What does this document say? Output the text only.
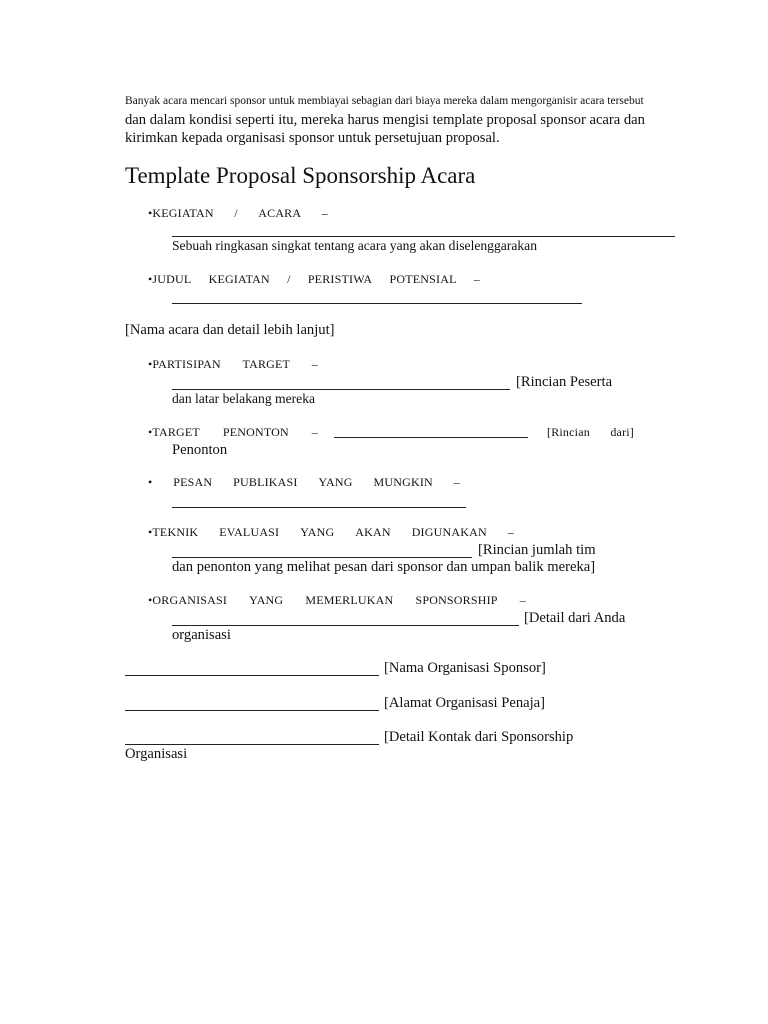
Banyak acara mencari sponsor untuk membiayai sebagian dari biaya mereka dalam mengorganisir acara tersebut
dan dalam kondisi seperti itu, mereka harus mengisi template proposal sponsor acara dan
kirimkan kepada organisasi sponsor untuk persetujuan proposal.
Template Proposal Sponsorship Acara
•KEGIATAN / ACARA –
Sebuah ringkasan singkat tentang acara yang akan diselenggarakan
•JUDUL KEGIATAN / PERISTIWA POTENSIAL –
[Nama acara dan detail lebih lanjut]
•PARTISIPAN TARGET –
[Rincian Peserta
dan latar belakang mereka
•TARGET PENONTON –	[Rincian dari]
Penonton
• PESAN PUBLIKASI YANG MUNGKIN –
•TEKNIK EVALUASI YANG AKAN DIGUNAKAN –
[Rincian jumlah tim
dan penonton yang melihat pesan dari sponsor dan umpan balik mereka]
•ORGANISASI YANG MEMERLUKAN SPONSORSHIP –
[Detail dari Anda
organisasi
[Nama Organisasi Sponsor]
[Alamat Organisasi Penaja]
[Detail Kontak dari Sponsorship
Organisasi
